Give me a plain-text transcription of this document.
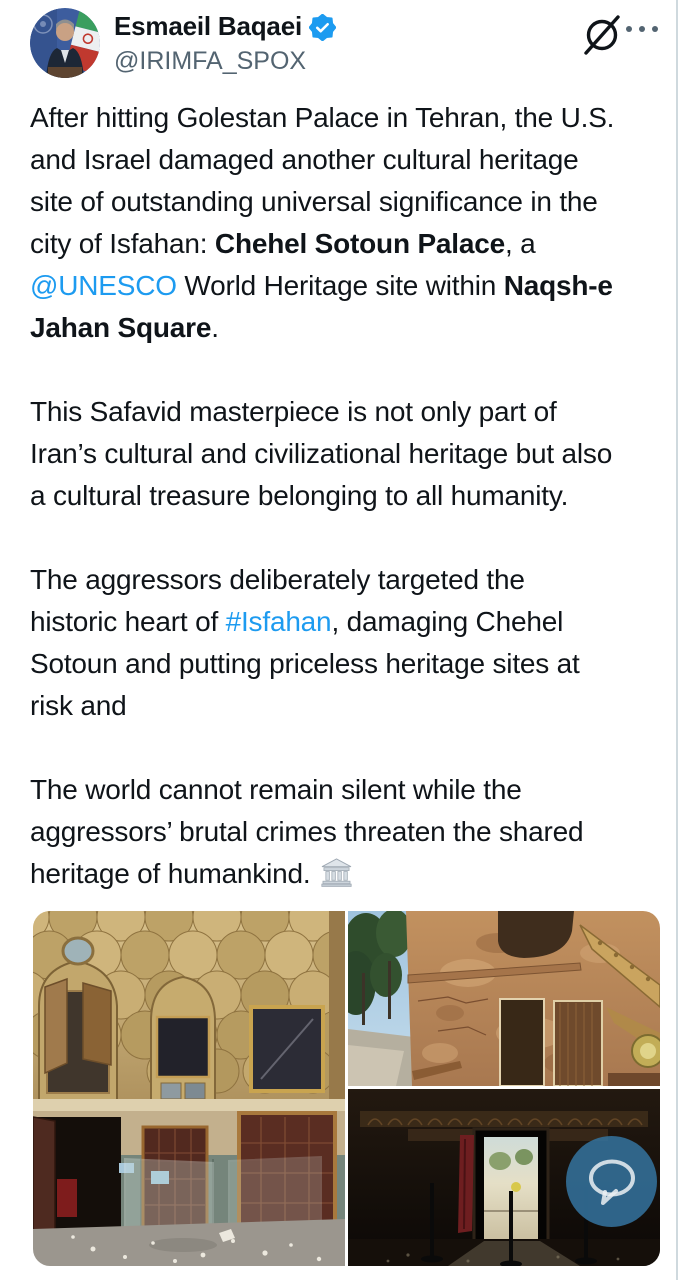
Esmaeil Baqaei
@IRIMFA_SPOX

After hitting Golestan Palace in Tehran, the U.S.
and Israel damaged another cultural heritage
site of outstanding universal significance in the
city of Isfahan: Chehel Sotoun Palace, a
@UNESCO World Heritage site within Naqsh-e
Jahan Square.

This Safavid masterpiece is not only part of
Iran’s cultural and civilizational heritage but also
a cultural treasure belonging to all humanity.

The aggressors deliberately targeted the
historic heart of #Isfahan, damaging Chehel
Sotoun and putting priceless heritage sites at
risk and

The world cannot remain silent while the
aggressors’ brutal crimes threaten the shared
heritage of humankind.
